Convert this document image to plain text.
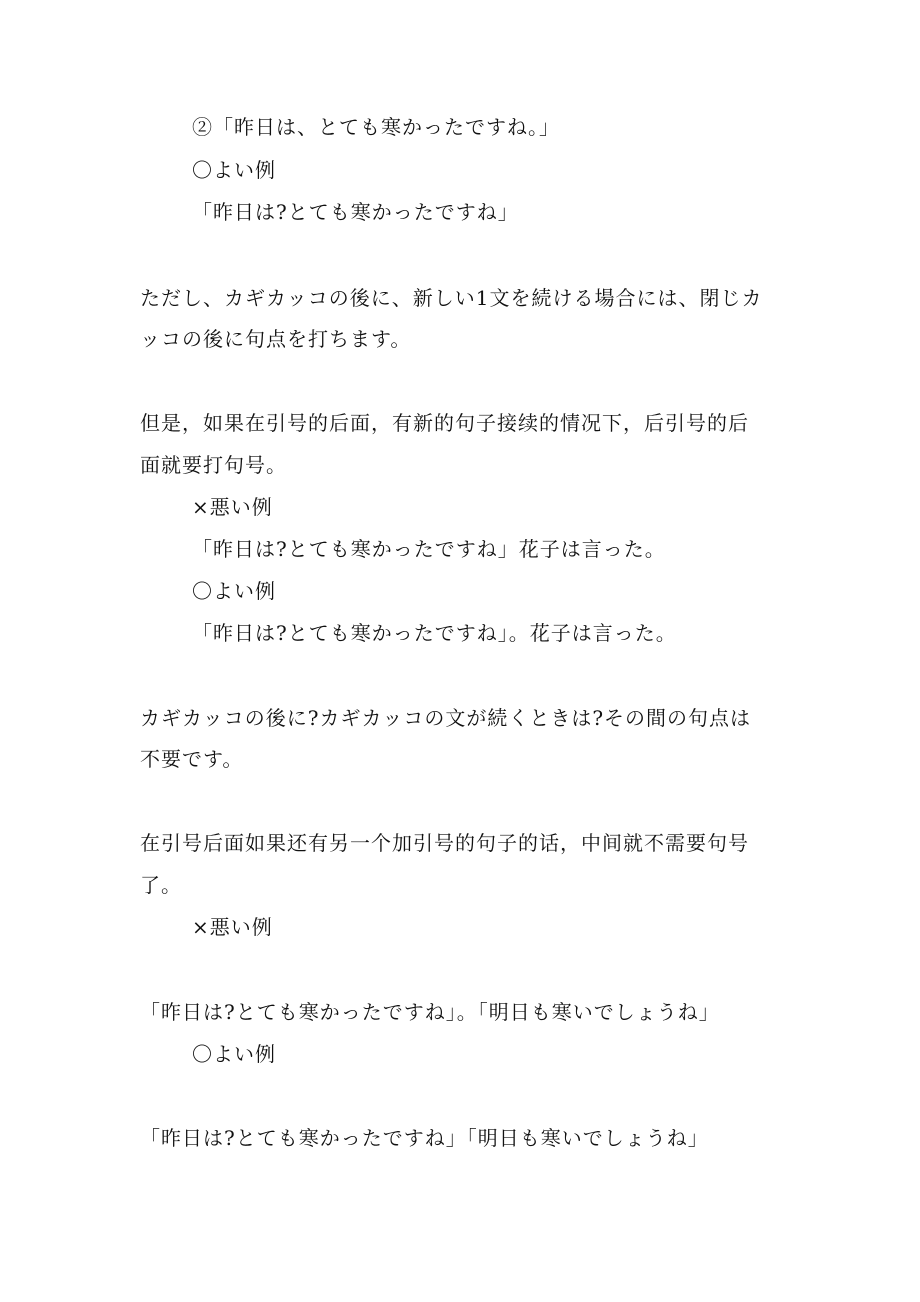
②「昨日は、とても寒かったですね。」

〇よい例

「昨日は?とても寒かったですね」

ただし、カギカッコの後に、新しい1文を続ける場合には、閉じカ

ッコの後に句点を打ちます。

但是，如果在引号的后面，有新的句子接续的情况下，后引号的后

面就要打句号。

×悪い例

「昨日は?とても寒かったですね」花子は言った。

〇よい例

「昨日は?とても寒かったですね」。花子は言った。

カギカッコの後に?カギカッコの文が続くときは?その間の句点は

不要です。

在引号后面如果还有另一个加引号的句子的话，中间就不需要句号

了。

×悪い例

「昨日は?とても寒かったですね」。「明日も寒いでしょうね」

〇よい例

「昨日は?とても寒かったですね」「明日も寒いでしょうね」
